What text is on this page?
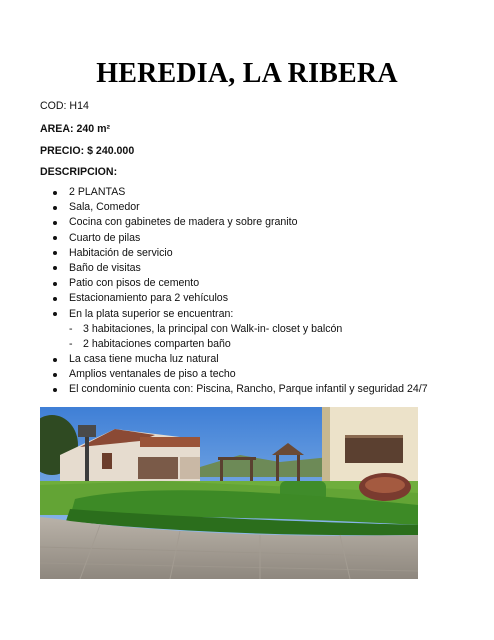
HEREDIA, LA RIBERA
COD: H14
AREA: 240 m²
PRECIO: $ 240.000
DESCRIPCION:
2 PLANTAS
Sala, Comedor
Cocina con gabinetes de madera y sobre granito
Cuarto de pilas
Habitación de servicio
Baño de visitas
Patio con pisos de cemento
Estacionamiento para 2 vehículos
En la plata superior se encuentran:
- 3 habitaciones, la principal con Walk-in- closet y balcón
- 2 habitaciones comparten baño
La casa tiene mucha luz natural
Amplios ventanales de piso a techo
El condominio cuenta con: Piscina, Rancho, Parque infantil y seguridad 24/7
